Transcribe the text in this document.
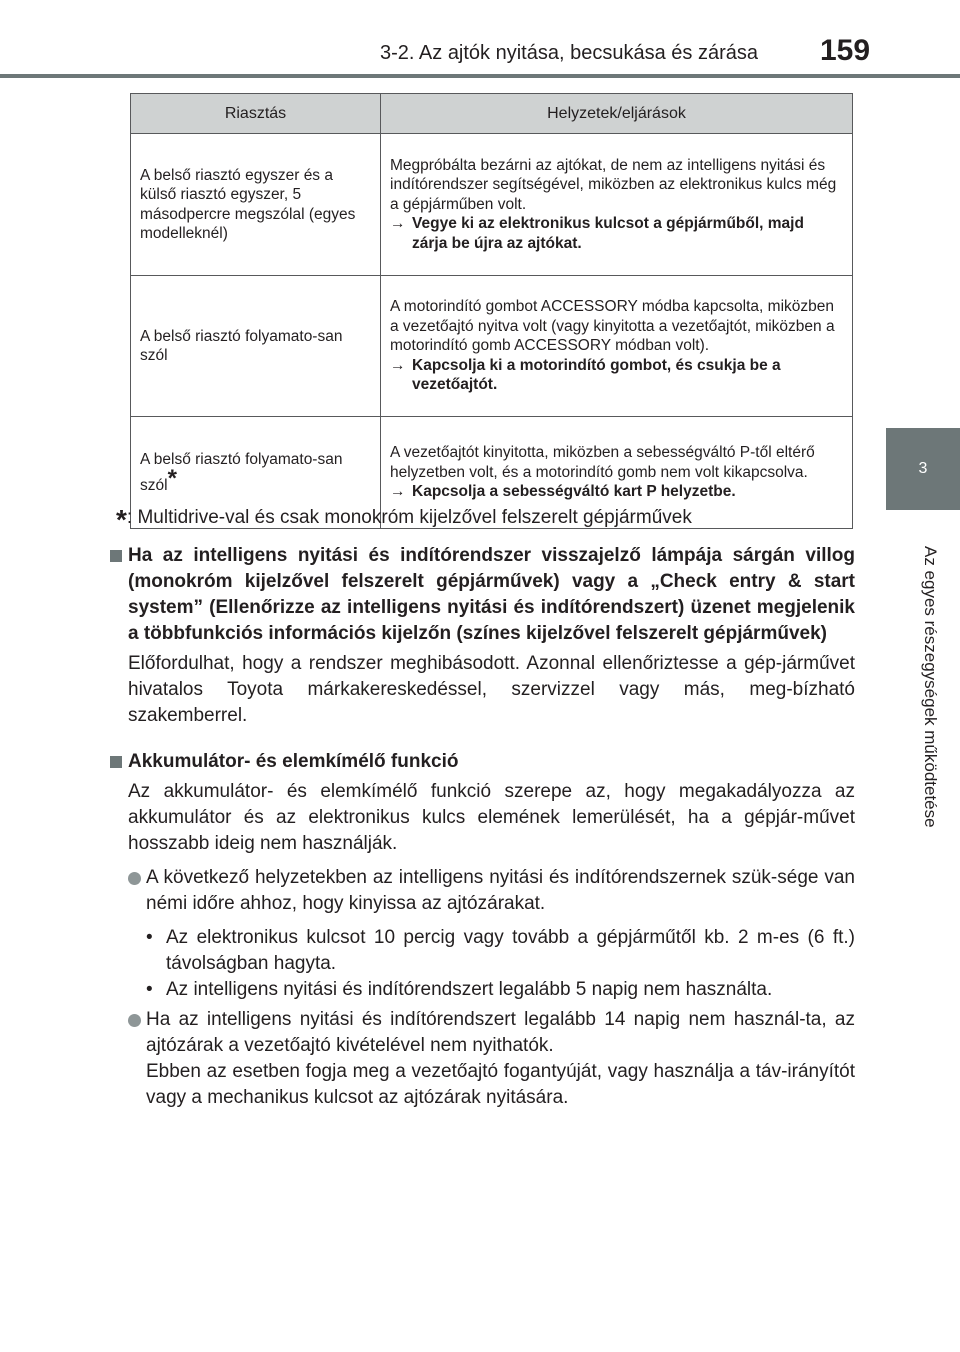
3-2. Az ajtók nyitása, becsukása és zárása 159
3
Az egyes részegységek működtetése
Riasztás	Helyzetek/eljárások
A belső riasztó egyszer és a külső riasztó egyszer, 5 másodpercre megszólal (egyes modelleknél)	Megpróbálta bezárni az ajtókat, de nem az intelligens nyitási és indítórendszer segítségével, miközben az elektronikus kulcs még a gépjárműben volt.
→ Vegye ki az elektronikus kulcsot a gépjárműből, majd zárja be újra az ajtókat.

A belső riasztó folyamato-san szól	A motorindító gombot ACCESSORY módba kapcsolta, miközben a vezetőajtó nyitva volt (vagy kinyitotta a vezetőajtót, miközben a motorindító gomb ACCESSORY módban volt).
→ Kapcsolja ki a motorindító gombot, és csukja be a vezetőajtót.

A belső riasztó folyamato-san szól*	A vezetőajtót kinyitotta, miközben a sebességváltó P-től eltérő helyzetben volt, és a motorindító gomb nem volt kikapcsolva.
→ Kapcsolja a sebességváltó kart P helyzetbe.
*: Multidrive-val és csak monokróm kijelzővel felszerelt gépjárművek
Ha az intelligens nyitási és indítórendszer visszajelző lámpája sárgán villog (monokróm kijelzővel felszerelt gépjárművek) vagy a „Check entry & start system” (Ellenőrizze az intelligens nyitási és indítórendszert) üzenet megjelenik a többfunkciós információs kijelzőn (színes kijelzővel felszerelt gépjárművek)
Előfordulhat, hogy a rendszer meghibásodott. Azonnal ellenőriztesse a gép-járművet hivatalos Toyota márkakereskedéssel, szervizzel vagy más, meg-bízható szakemberrel.
Akkumulátor- és elemkímélő funkció
Az akkumulátor- és elemkímélő funkció szerepe az, hogy megakadályozza az akkumulátor és az elektronikus kulcs elemének lemerülését, ha a gépjár-művet hosszabb ideig nem használják.
A következő helyzetekben az intelligens nyitási és indítórendszernek szük-sége van némi időre ahhoz, hogy kinyissa az ajtózárakat.
• Az elektronikus kulcsot 10 percig vagy tovább a gépjárműtől kb. 2 m-es (6 ft.) távolságban hagyta.
• Az intelligens nyitási és indítórendszert legalább 5 napig nem használta.
Ha az intelligens nyitási és indítórendszert legalább 14 napig nem használ-ta, az ajtózárak a vezetőajtó kivételével nem nyithatók.
Ebben az esetben fogja meg a vezetőajtó fogantyúját, vagy használja a táv-irányítót vagy a mechanikus kulcsot az ajtózárak nyitására.
